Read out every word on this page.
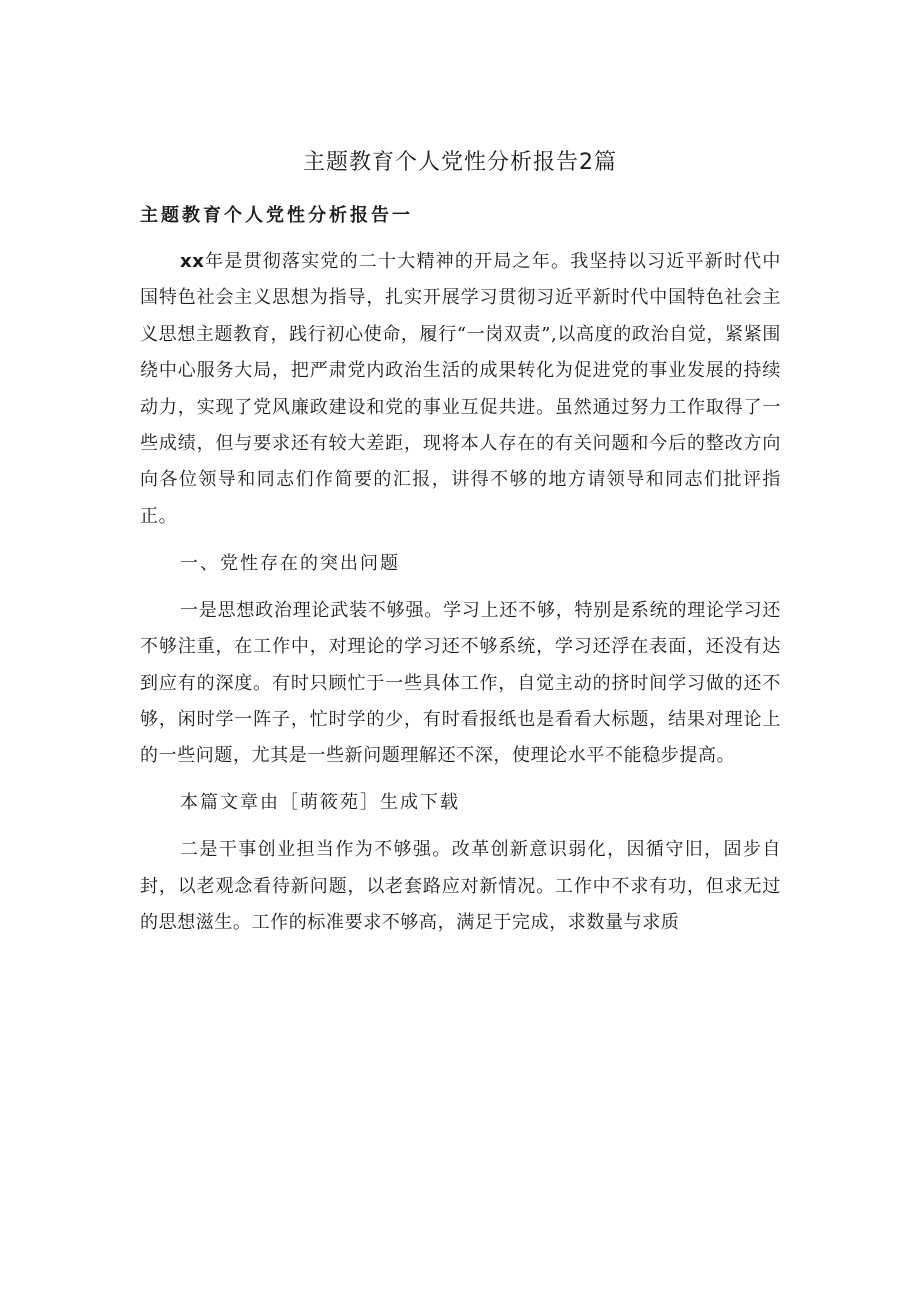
主题教育个人党性分析报告2篇
主题教育个人党性分析报告一

xx年是贯彻落实党的二十大精神的开局之年。我坚持以习近平新时代中国特色社会主义思想为指导，扎实开展学习贯彻习近平新时代中国特色社会主义思想主题教育，践行初心使命，履行“一岗双责”,以高度的政治自觉，紧紧围绕中心服务大局，把严肃党内政治生活的成果转化为促进党的事业发展的持续动力，实现了党风廉政建设和党的事业互促共进。虽然通过努力工作取得了一些成绩，但与要求还有较大差距，现将本人存在的有关问题和今后的整改方向向各位领导和同志们作简要的汇报，讲得不够的地方请领导和同志们批评指正。

一、党性存在的突出问题

一是思想政治理论武装不够强。学习上还不够，特别是系统的理论学习还不够注重，在工作中，对理论的学习还不够系统，学习还浮在表面，还没有达到应有的深度。有时只顾忙于一些具体工作，自觉主动的挤时间学习做的还不够，闲时学一阵子，忙时学的少，有时看报纸也是看看大标题，结果对理论上的一些问题，尤其是一些新问题理解还不深，使理论水平不能稳步提高。

本篇文章由［萌筱苑］生成下载

二是干事创业担当作为不够强。改革创新意识弱化，因循守旧，固步自封，以老观念看待新问题，以老套路应对新情况。工作中不求有功，但求无过的思想滋生。工作的标准要求不够高，满足于完成，求数量与求质
